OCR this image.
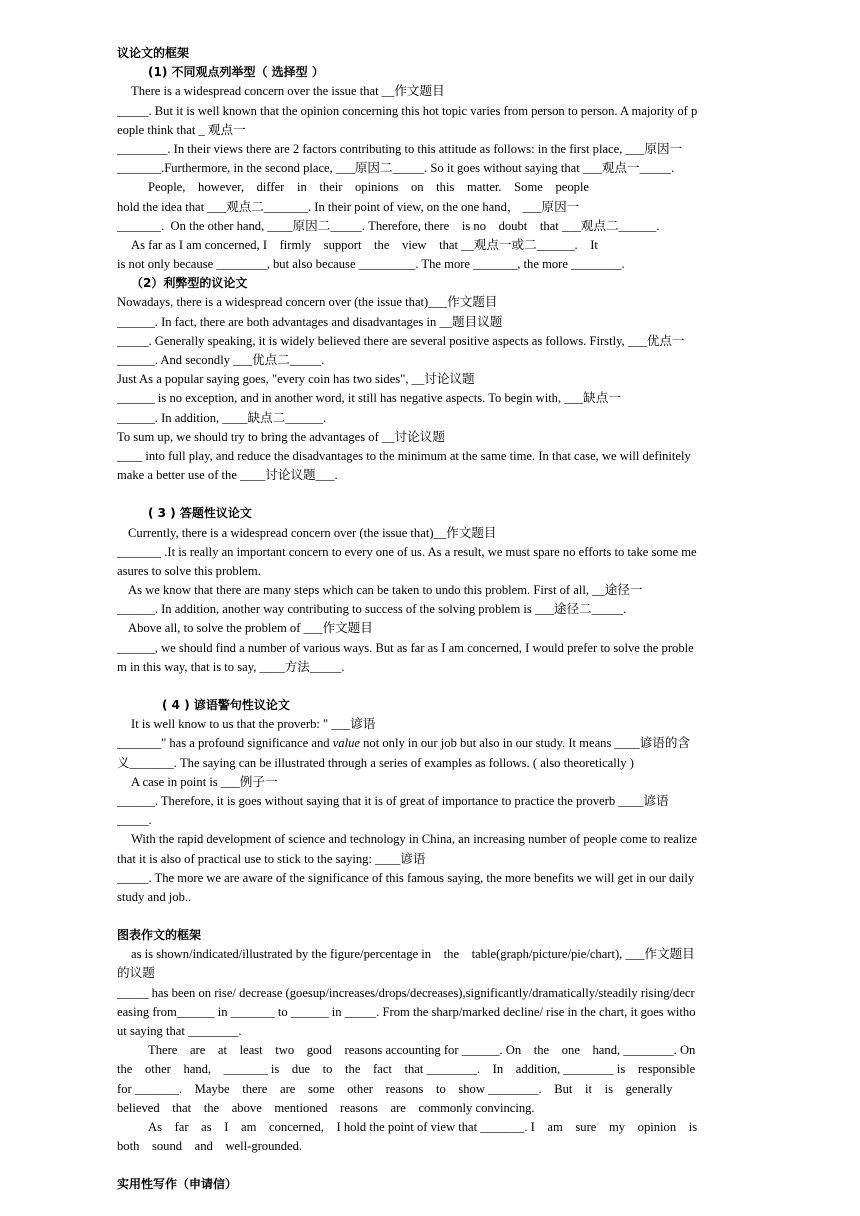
议论文的框架
(1) 不同观点列举型（ 选择型 ）
There is a widespread concern over the issue that __作文题目
_____. But it is well known that the opinion concerning this hot topic varies from person to person. A majority of p
eople think that _ 观点一
________. In their views there are 2 factors contributing to this attitude as follows: in the first place, ___原因一
_______.Furthermore, in the second place, ___原因二_____. So it goes without saying that ___观点一_____.
People,    however,    differ    in    their    opinions    on    this    matter.    Some    people
hold the idea that ___观点二_______. In their point of view, on the one hand， ___原因一
_______.  On the other hand, ____原因二_____. Therefore, there    is no    doubt    that ___观点二______.
As far as I am concerned, I    firmly    support    the    view    that __观点一或二______.    It
is not only because ________, but also because _________. The more _______, the more ________.
（2）利弊型的议论文
Nowadays, there is a widespread concern over (the issue that)___作文题目
______. In fact, there are both advantages and disadvantages in __题目议题
_____. Generally speaking, it is widely believed there are several positive aspects as follows. Firstly, ___优点一
______. And secondly ___优点二_____.
Just As a popular saying goes, "every coin has two sides", __讨论议题
______ is no exception, and in another word, it still has negative aspects. To begin with, ___缺点一
______. In addition, ____缺点二______.
To sum up, we should try to bring the advantages of __讨论议题
____ into full play, and reduce the disadvantages to the minimum at the same time. In that case, we will definitely
make a better use of the ____讨论议题___.
( 3 ) 答题性议论文
Currently, there is a widespread concern over (the issue that)__作文题目
_______ .It is really an important concern to every one of us. As a result, we must spare no efforts to take some me
asures to solve this problem.
As we know that there are many steps which can be taken to undo this problem. First of all, __途径一
______. In addition, another way contributing to success of the solving problem is ___途径二_____.
Above all, to solve the problem of ___作文题目
______, we should find a number of various ways. But as far as I am concerned, I would prefer to solve the proble
m in this way, that is to say, ____方法_____.
( 4 ) 谚语警句性议论文
It is well know to us that the proverb: " ___谚语
_______" has a profound significance and value not only in our job but also in our study. It means ____谚语的含
义_______. The saying can be illustrated through a series of examples as follows. ( also theoretically )
A case in point is ___例子一
______. Therefore, it is goes without saying that it is of great of importance to practice the proverb ____谚语
_____.
With the rapid development of science and technology in China, an increasing number of people come to realize
that it is also of practical use to stick to the saying: ____谚语
_____. The more we are aware of the significance of this famous saying, the more benefits we will get in our daily
study and job..
图表作文的框架
as is shown/indicated/illustrated by the figure/percentage in    the    table(graph/picture/pie/chart), ___作文题目
的议题
_____ has been on rise/ decrease (goesup/increases/drops/decreases),significantly/dramatically/steadily rising/decr
easing from______ in _______ to ______ in _____. From the sharp/marked decline/ rise in the chart, it goes witho
ut saying that ________.
There    are    at    least    two    good    reasons accounting for ______. On    the    one    hand, ________. On
the    other    hand,    _______ is    due    to    the    fact    that ________.    In    addition, ________ is    responsible
for _______.    Maybe    there    are    some    other    reasons    to    show ________.    But    it    is    generally
believed    that    the    above    mentioned    reasons    are    commonly convincing.
As    far    as    I    am    concerned,    I hold the point of view that _______. I    am    sure    my    opinion    is
both    sound    and    well-grounded.
实用性写作（申请信）
